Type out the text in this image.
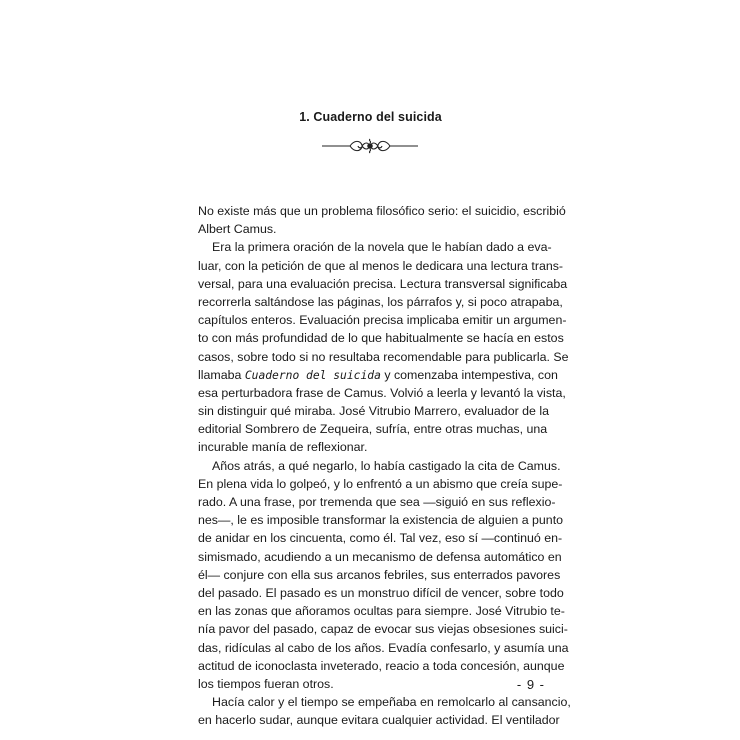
1. Cuaderno del suicida
No existe más que un problema filosófico serio: el suicidio, escribió
Albert Camus.
Era la primera oración de la novela que le habían dado a eva-
luar, con la petición de que al menos le dedicara una lectura trans-
versal, para una evaluación precisa. Lectura transversal significaba
recorrerla saltándose las páginas, los párrafos y, si poco atrapaba,
capítulos enteros. Evaluación precisa implicaba emitir un argumen-
to con más profundidad de lo que habitualmente se hacía en estos
casos, sobre todo si no resultaba recomendable para publicarla. Se
llamaba Cuaderno del suicida y comenzaba intempestiva, con
esa perturbadora frase de Camus. Volvió a leerla y levantó la vista,
sin distinguir qué miraba. José Vitrubio Marrero, evaluador de la
editorial Sombrero de Zequeira, sufría, entre otras muchas, una
incurable manía de reflexionar.
Años atrás, a qué negarlo, lo había castigado la cita de Camus.
En plena vida lo golpeó, y lo enfrentó a un abismo que creía supe-
rado. A una frase, por tremenda que sea —siguió en sus reflexio-
nes—, le es imposible transformar la existencia de alguien a punto
de anidar en los cincuenta, como él. Tal vez, eso sí —continuó en-
simismado, acudiendo a un mecanismo de defensa automático en
él— conjure con ella sus arcanos febriles, sus enterrados pavores
del pasado. El pasado es un monstruo difícil de vencer, sobre todo
en las zonas que añoramos ocultas para siempre. José Vitrubio te-
nía pavor del pasado, capaz de evocar sus viejas obsesiones suici-
das, ridículas al cabo de los años. Evadía confesarlo, y asumía una
actitud de iconoclasta inveterado, reacio a toda concesión, aunque
los tiempos fueran otros.
Hacía calor y el tiempo se empeñaba en remolcarlo al cansancio,
en hacerlo sudar, aunque evitara cualquier actividad. El ventilador
- 9 -
